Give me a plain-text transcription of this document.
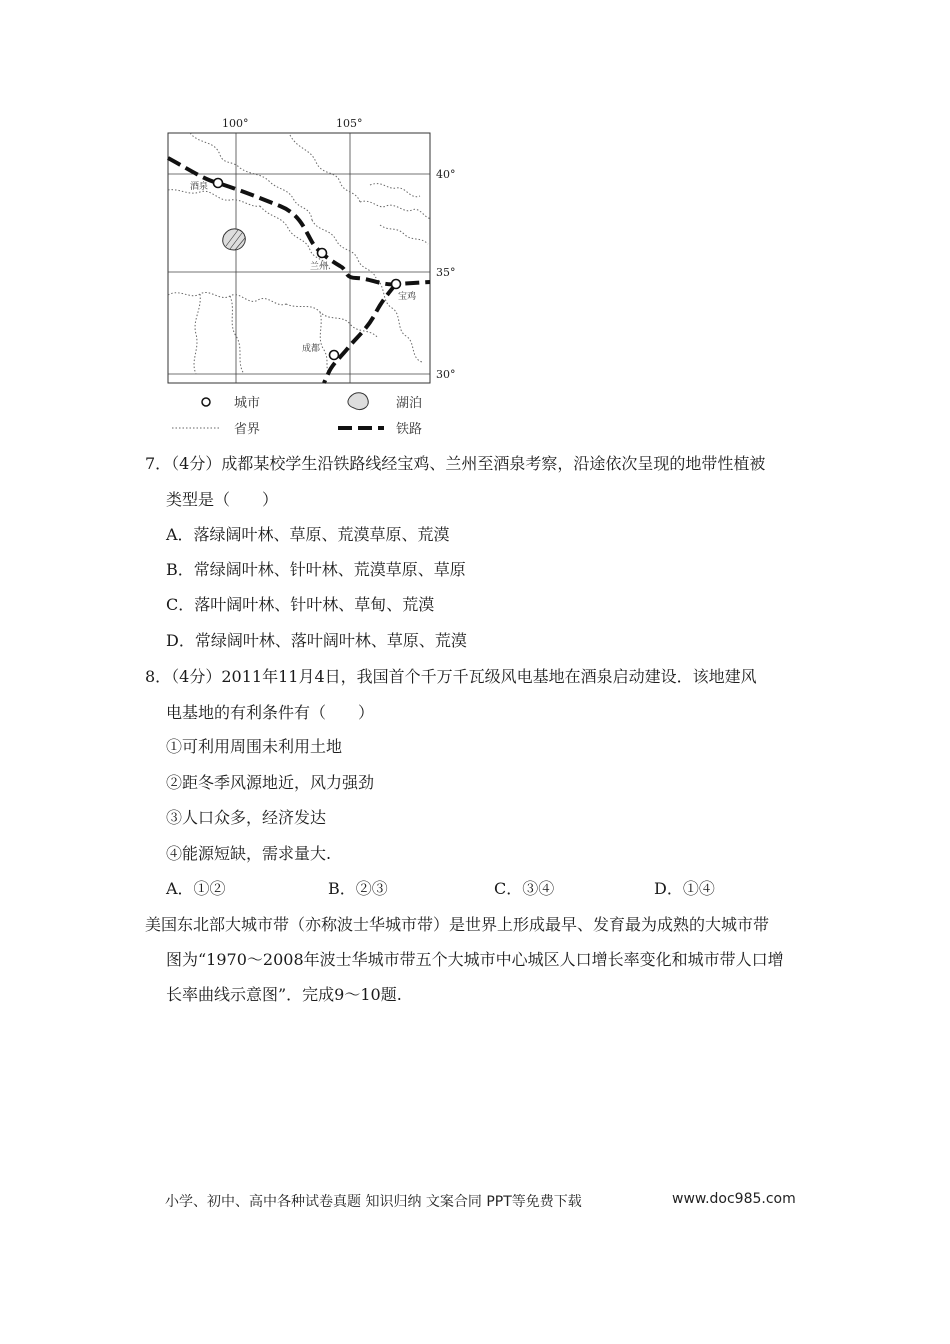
100°	105°
40°
35°
30°
酒泉
兰州
宝鸡
成都
城市	湖泊
省界	铁路
7．（4分）成都某校学生沿铁路线经宝鸡、兰州至酒泉考察，沿途依次呈现的地带性植被
类型是（　　）
A．落绿阔叶林、草原、荒漠草原、荒漠
B．常绿阔叶林、针叶林、荒漠草原、草原
C．落叶阔叶林、针叶林、草甸、荒漠
D．常绿阔叶林、落叶阔叶林、草原、荒漠
8．（4分）2011年11月4日，我国首个千万千瓦级风电基地在酒泉启动建设．该地建风
电基地的有利条件有（　　）
①可利用周围未利用土地
②距冬季风源地近，风力强劲
③人口众多，经济发达
④能源短缺，需求量大.
A．①②	B．②③	C．③④	D．①④
美国东北部大城市带（亦称波士华城市带）是世界上形成最早、发育最为成熟的大城市带
图为“1970～2008年波士华城市带五个大城市中心城区人口增长率变化和城市带人口增
长率曲线示意图”．完成9～10题.
小学、初中、高中各种试卷真题 知识归纳 文案合同 PPT等免费下载	www.doc985.com
